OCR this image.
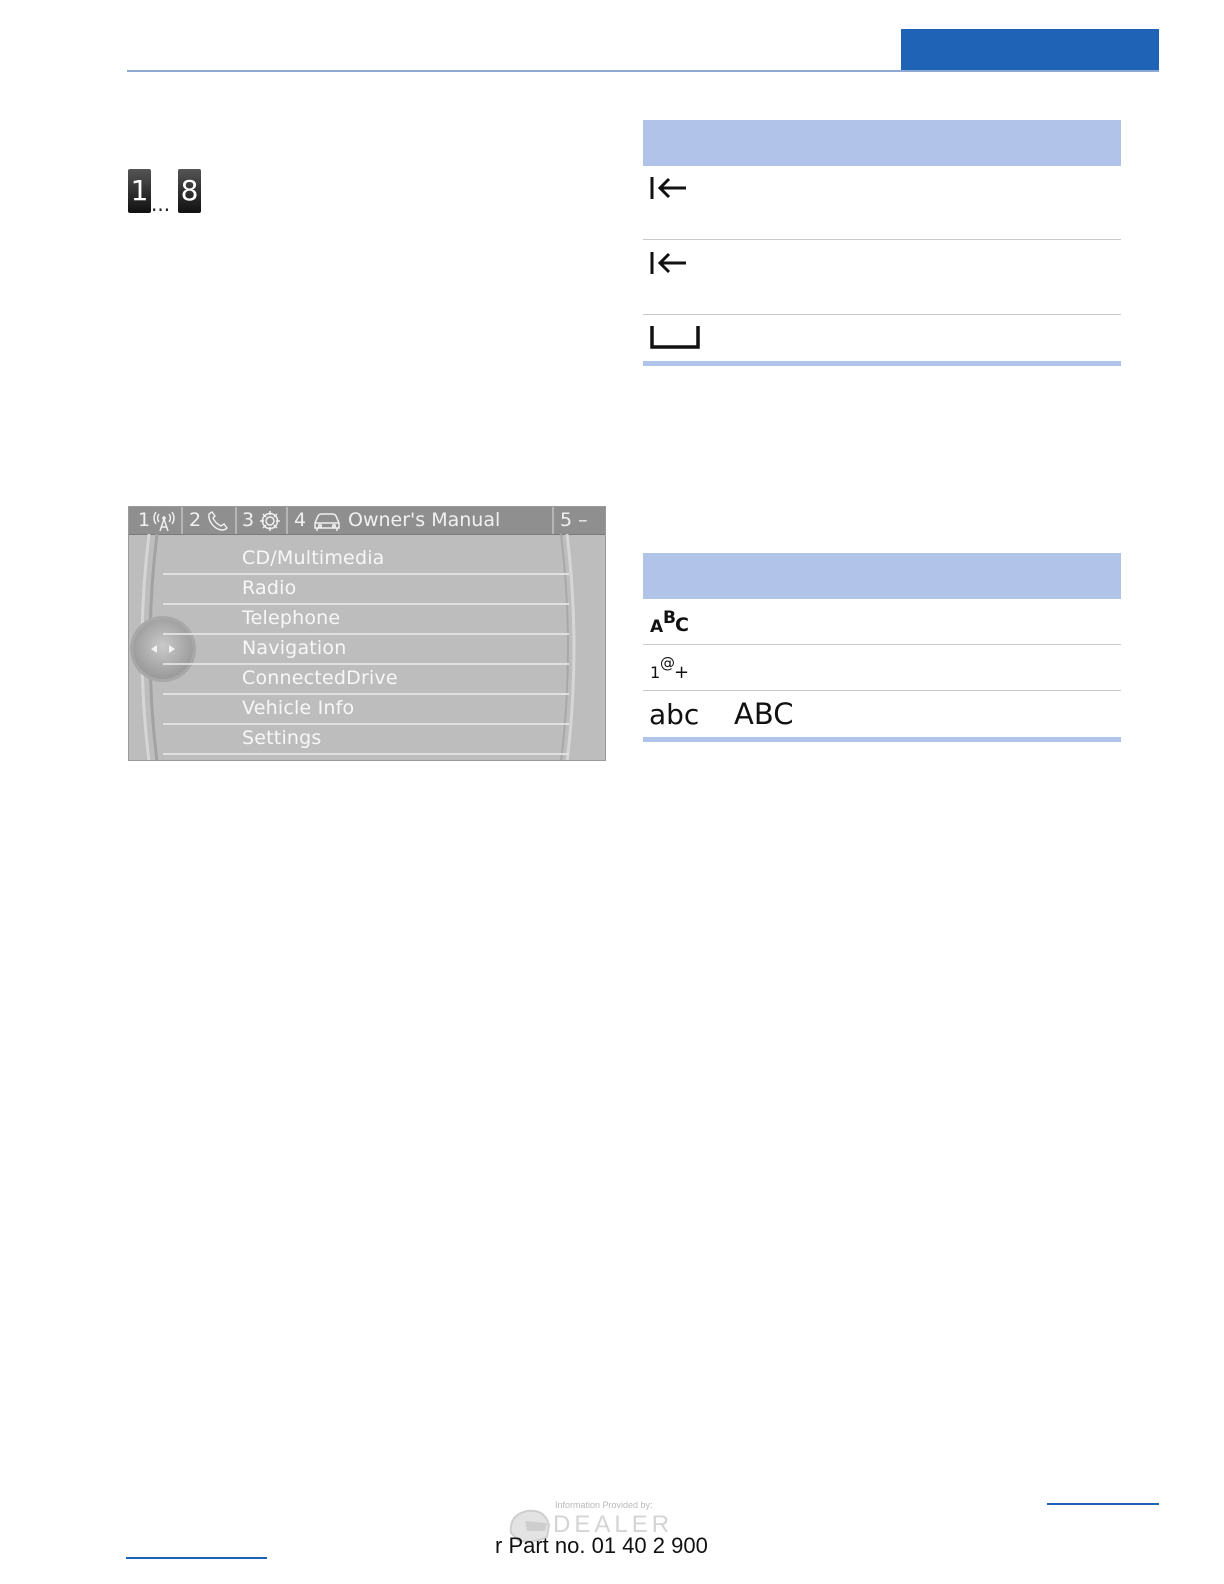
1 ... 8
1 2 3 4 Owner's Manual	5 –
CD/Multimedia
Radio
Telephone
Navigation
ConnectedDrive
Vehicle Info
Settings
A B C
1 @ +
abc ABC
Information Provided by:
DEALER
r Part no. 01 40 2 900
